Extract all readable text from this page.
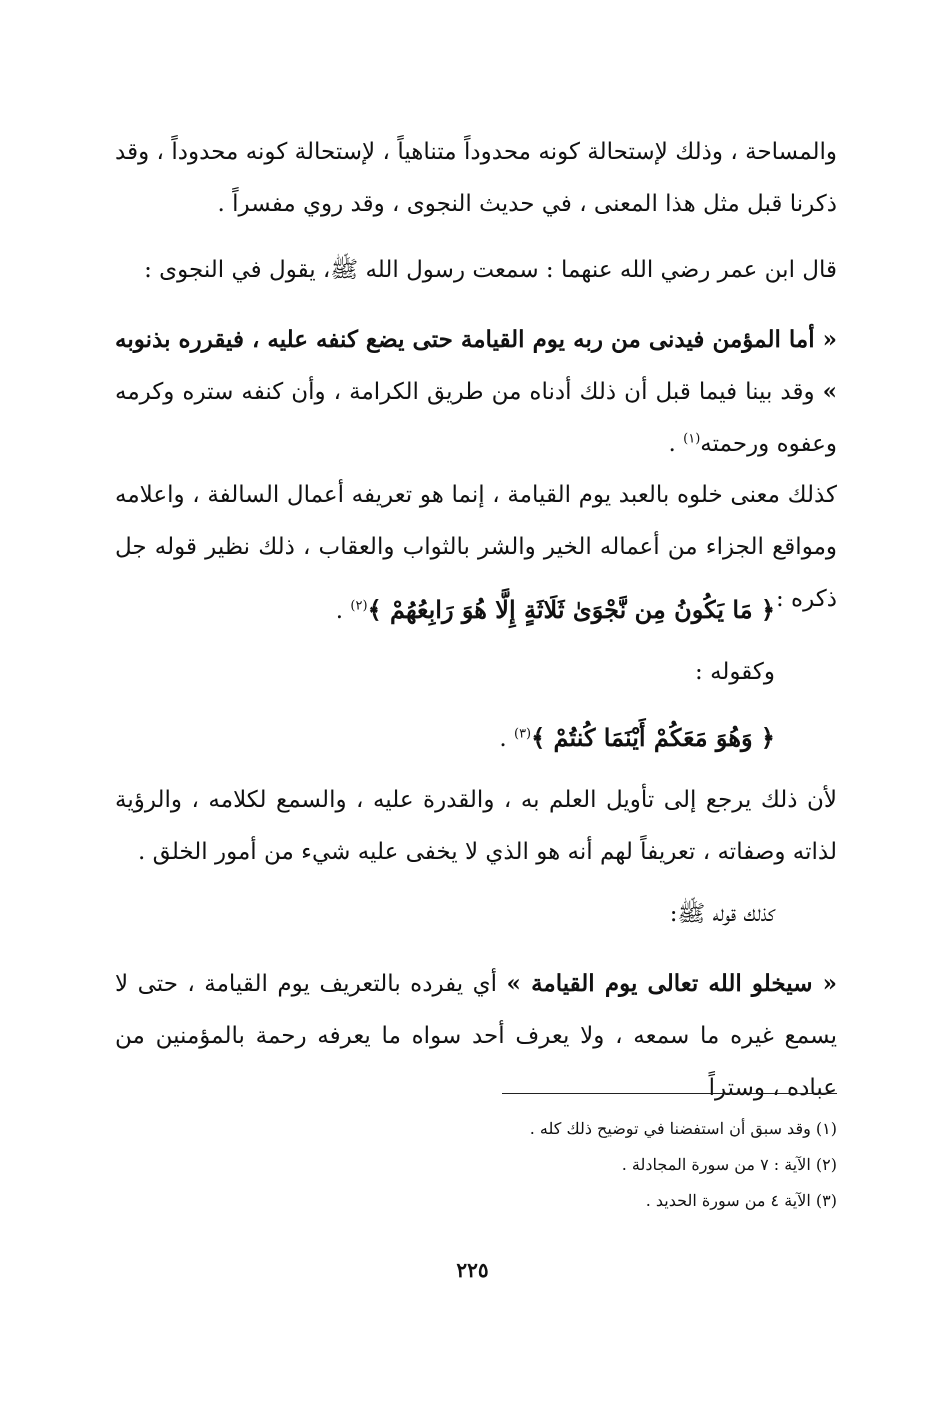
والمساحة ، وذلك لإستحالة كونه محدوداً متناهياً ، لإستحالة كونه محدوداً ، وقد ذكرنا قبل مثل هذا المعنى ، في حديث النجوى ، وقد روي مفسراً .

قال ابن عمر رضي الله عنهما : سمعت رسول الله ﷺ، يقول في النجوى :

« أما المؤمن فيدنى من ربه يوم القيامة حتى يضع كنفه عليه ، فيقرره بذنوبه » وقد بينا فيما قبل أن ذلك أدناه من طريق الكرامة ، وأن كنفه ستره وكرمه وعفوه ورحمته$^{(١)}$ .

كذلك معنى خلوه بالعبد يوم القيامة ، إنما هو تعريفه أعمال السالفة ، واعلامه ومواقع الجزاء من أعماله الخير والشر بالثواب والعقاب ، ذلك نظير قوله جل ذكره :

﴿ مَا يَكُونُ مِن نَّجْوَىٰ ثَلَاثَةٍ إِلَّا هُوَ رَابِعُهُمْ ﴾$^{(٢)}$ .

وكقوله :

﴿ وَهُوَ مَعَكُمْ أَيْنَمَا كُنتُمْ ﴾$^{(٣)}$ .

لأن ذلك يرجع إلى تأويل العلم به ، والقدرة عليه ، والسمع لكلامه ، والرؤية لذاته وصفاته ، تعريفاً لهم أنه هو الذي لا يخفى عليه شيء من أمور الخلق .

كذلك قوله ﷺ:

« سيخلو الله تعالى يوم القيامة » أي يفرده بالتعريف يوم القيامة ، حتى لا يسمع غيره ما سمعه ، ولا يعرف أحد سواه ما يعرفه رحمة بالمؤمنين من عباده ، وستراً

(١) وقد سبق أن استفضنا في توضيح ذلك كله .

(٢) الآية : ٧ من سورة المجادلة .

(٣) الآية ٤ من سورة الحديد .

٢٢٥
